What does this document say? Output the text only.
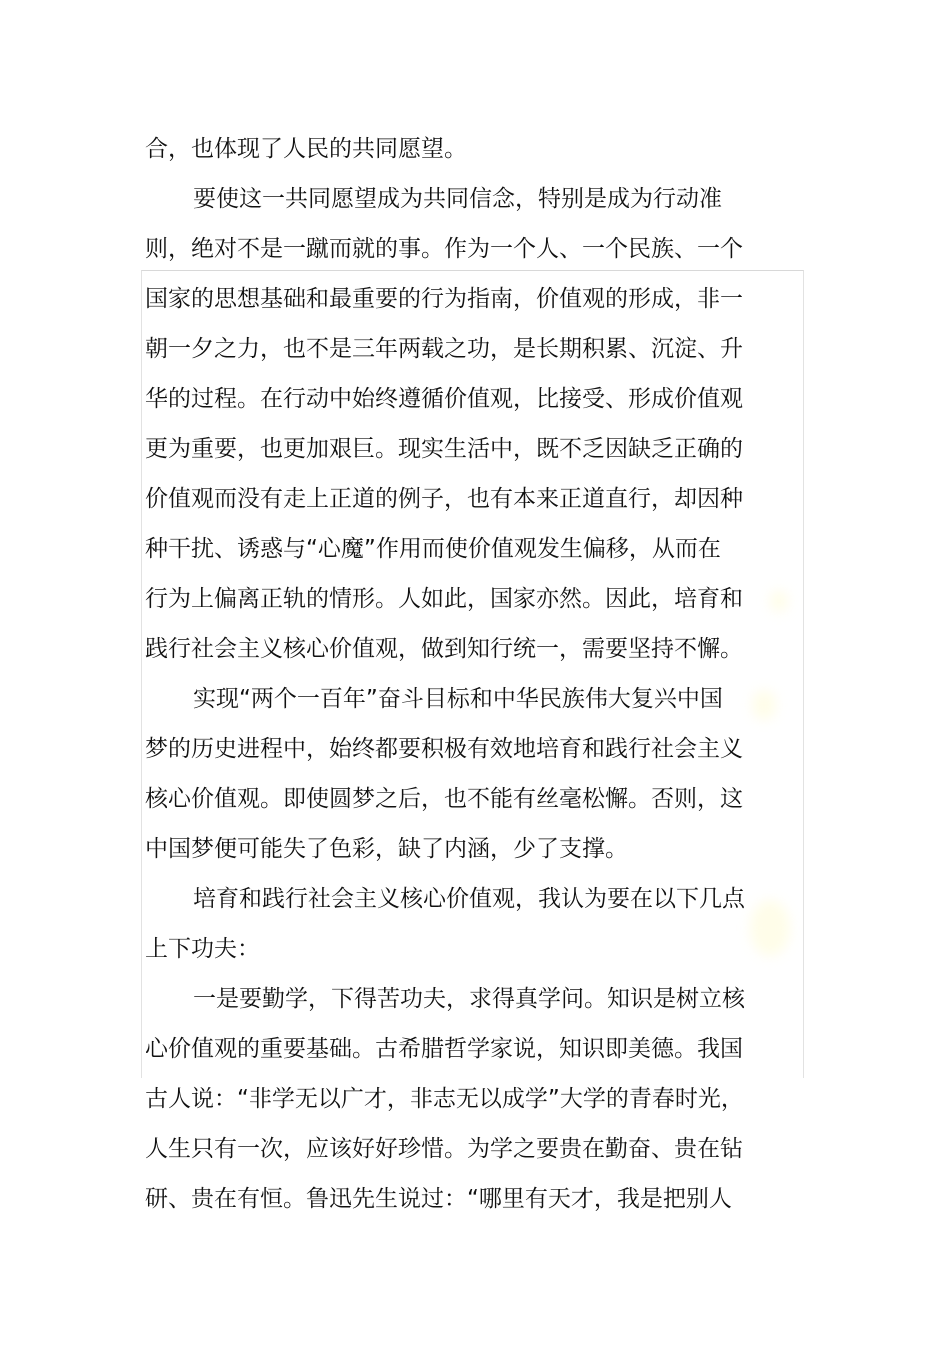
合，也体现了人民的共同愿望。
要使这一共同愿望成为共同信念，特别是成为行动准
则，绝对不是一蹴而就的事。作为一个人、一个民族、一个
国家的思想基础和最重要的行为指南，价值观的形成，非一
朝一夕之力，也不是三年两载之功，是长期积累、沉淀、升
华的过程。在行动中始终遵循价值观，比接受、形成价值观
更为重要，也更加艰巨。现实生活中，既不乏因缺乏正确的
价值观而没有走上正道的例子，也有本来正道直行，却因种
种干扰、诱惑与“心魔”作用而使价值观发生偏移，从而在
行为上偏离正轨的情形。人如此，国家亦然。因此，培育和
践行社会主义核心价值观，做到知行统一，需要坚持不懈。
实现“两个一百年”奋斗目标和中华民族伟大复兴中国
梦的历史进程中，始终都要积极有效地培育和践行社会主义
核心价值观。即使圆梦之后，也不能有丝毫松懈。否则，这
中国梦便可能失了色彩，缺了内涵，少了支撑。
培育和践行社会主义核心价值观，我认为要在以下几点
上下功夫：
一是要勤学，下得苦功夫，求得真学问。知识是树立核
心价值观的重要基础。古希腊哲学家说，知识即美德。我国
古人说：“非学无以广才，非志无以成学”大学的青春时光，
人生只有一次，应该好好珍惜。为学之要贵在勤奋、贵在钻
研、贵在有恒。鲁迅先生说过：“哪里有天才，我是把别人
